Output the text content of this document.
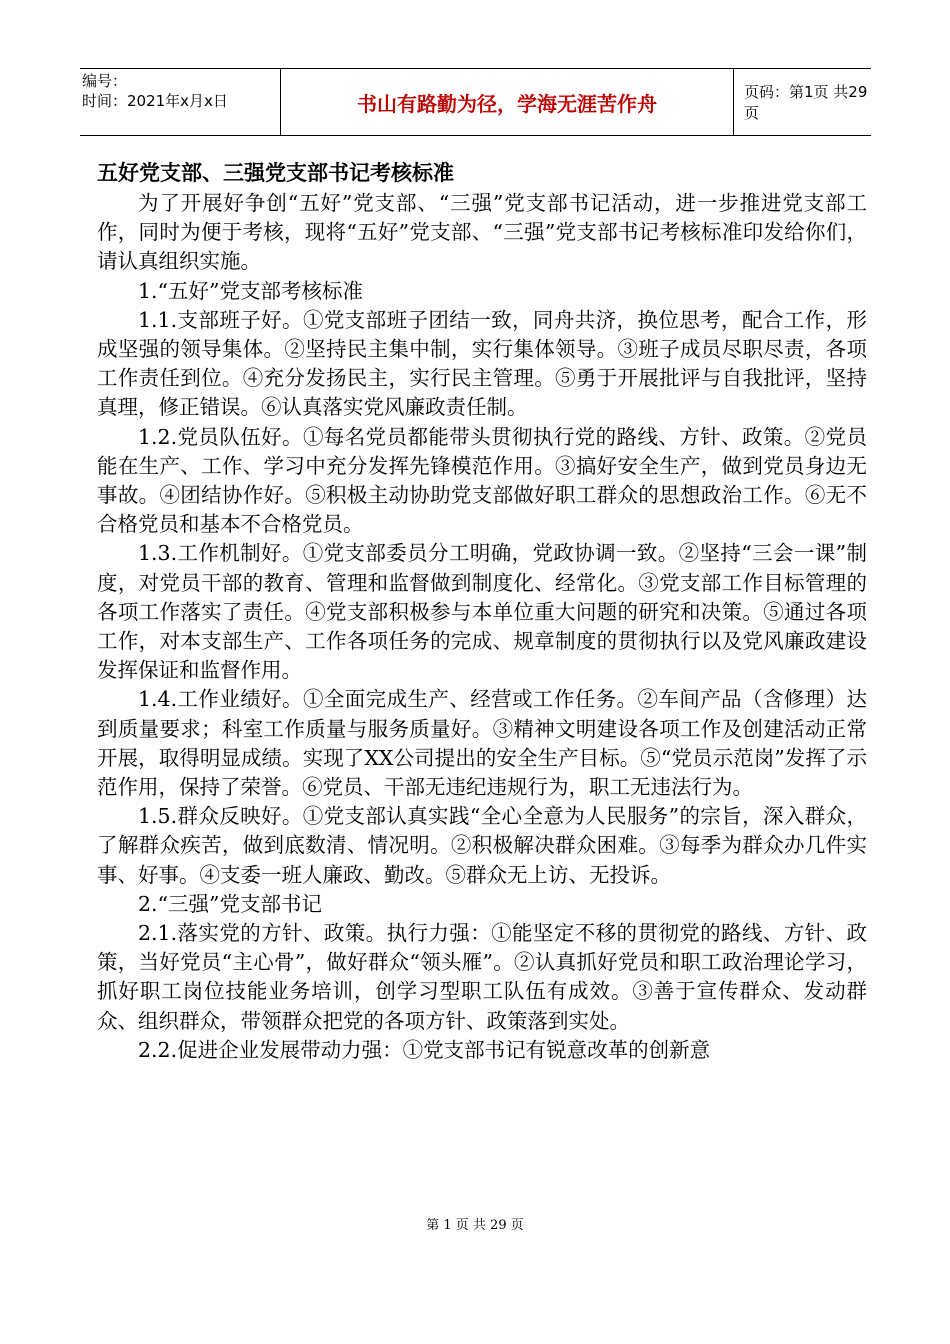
编号：
时间：2021年x月x日	书山有路勤为径，学海无涯苦作舟	页码：第1页 共29页
五好党支部、三强党支部书记考核标准

为了开展好争创“五好”党支部、“三强”党支部书记活动，进一步推进党支部工作，同时为便于考核，现将“五好”党支部、“三强”党支部书记考核标准印发给你们，请认真组织实施。

1.“五好”党支部考核标准

1.1.支部班子好。①党支部班子团结一致，同舟共济，换位思考，配合工作，形成坚强的领导集体。②坚持民主集中制，实行集体领导。③班子成员尽职尽责，各项工作责任到位。④充分发扬民主，实行民主管理。⑤勇于开展批评与自我批评，坚持真理，修正错误。⑥认真落实党风廉政责任制。

1.2.党员队伍好。①每名党员都能带头贯彻执行党的路线、方针、政策。②党员能在生产、工作、学习中充分发挥先锋模范作用。③搞好安全生产，做到党员身边无事故。④团结协作好。⑤积极主动协助党支部做好职工群众的思想政治工作。⑥无不合格党员和基本不合格党员。

1.3.工作机制好。①党支部委员分工明确，党政协调一致。②坚持“三会一课”制度，对党员干部的教育、管理和监督做到制度化、经常化。③党支部工作目标管理的各项工作落实了责任。④党支部积极参与本单位重大问题的研究和决策。⑤通过各项工作，对本支部生产、工作各项任务的完成、规章制度的贯彻执行以及党风廉政建设发挥保证和监督作用。

1.4.工作业绩好。①全面完成生产、经营或工作任务。②车间产品（含修理）达到质量要求；科室工作质量与服务质量好。③精神文明建设各项工作及创建活动正常开展，取得明显成绩。实现了XX公司提出的安全生产目标。⑤“党员示范岗”发挥了示范作用，保持了荣誉。⑥党员、干部无违纪违规行为，职工无违法行为。

1.5.群众反映好。①党支部认真实践“全心全意为人民服务”的宗旨，深入群众，了解群众疾苦，做到底数清、情况明。②积极解决群众困难。③每季为群众办几件实事、好事。④支委一班人廉政、勤改。⑤群众无上访、无投诉。

2.“三强”党支部书记

2.1.落实党的方针、政策。执行力强：①能坚定不移的贯彻党的路线、方针、政策，当好党员“主心骨”，做好群众“领头雁”。②认真抓好党员和职工政治理论学习，抓好职工岗位技能业务培训，创学习型职工队伍有成效。③善于宣传群众、发动群众、组织群众，带领群众把党的各项方针、政策落到实处。

2.2.促进企业发展带动力强：①党支部书记有锐意改革的创新意

第 1 页 共 29 页
